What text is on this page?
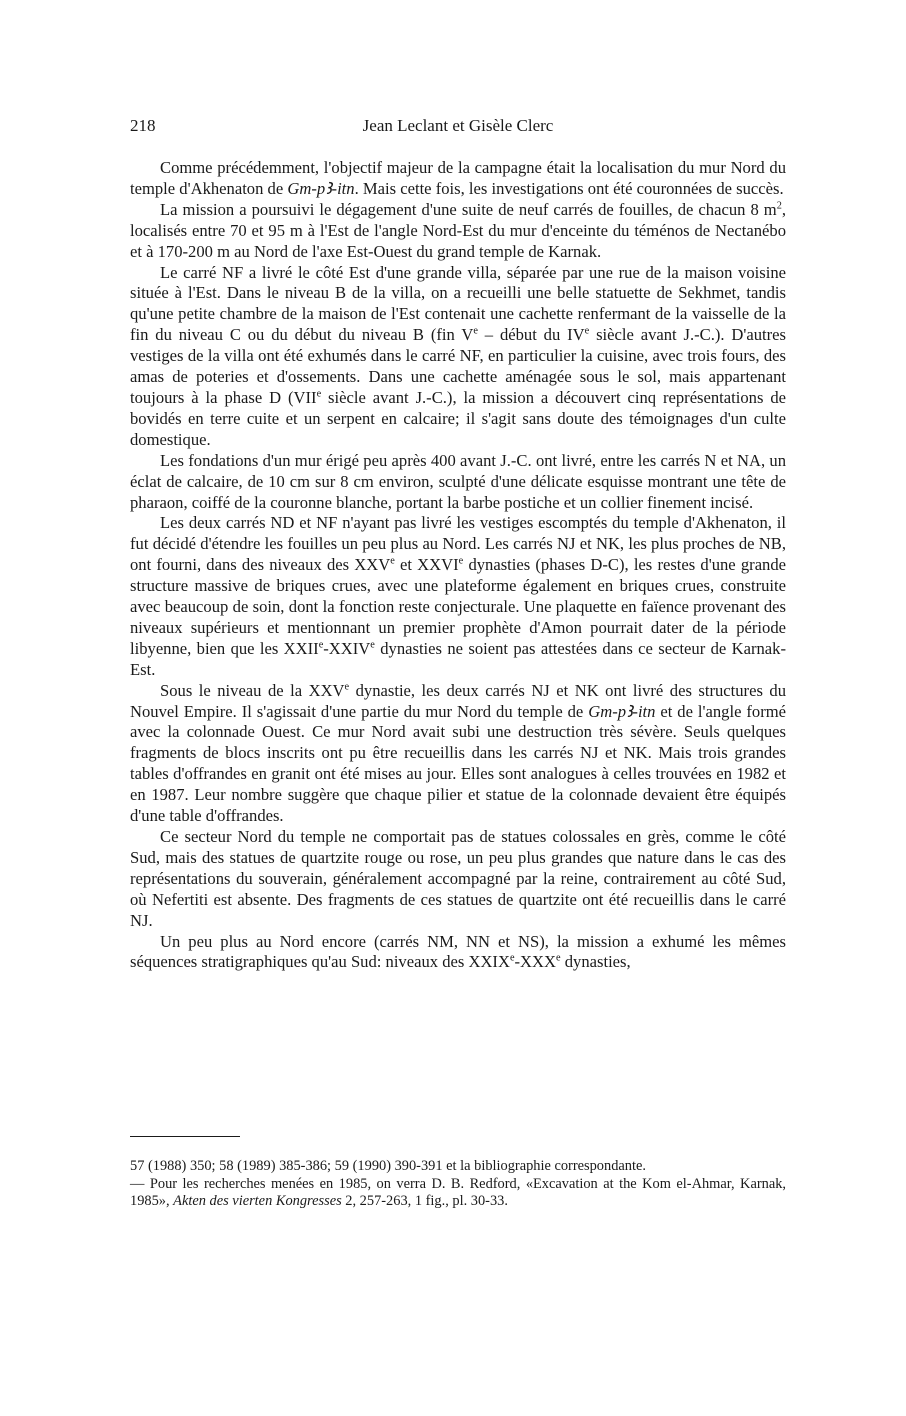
218	Jean Leclant et Gisèle Clerc

Comme précédemment, l'objectif majeur de la campagne était la localisation du mur Nord du temple d'Akhenaton de Gm-pꜢ-itn. Mais cette fois, les investigations ont été couronnées de succès.

La mission a poursuivi le dégagement d'une suite de neuf carrés de fouilles, de chacun 8 $m^2$, localisés entre 70 et 95 m à l'Est de l'angle Nord-Est du mur d'enceinte du téménos de Nectanébo et à 170-200 m au Nord de l'axe Est-Ouest du grand temple de Karnak.

Le carré NF a livré le côté Est d'une grande villa, séparée par une rue de la maison voisine située à l'Est. Dans le niveau B de la villa, on a recueilli une belle statuette de Sekhmet, tandis qu'une petite chambre de la maison de l'Est contenait une cachette renfermant de la vaisselle de la fin du niveau C ou du début du niveau B (fin Ve – début du IVe siècle avant J.-C.). D'autres vestiges de la villa ont été exhumés dans le carré NF, en particulier la cuisine, avec trois fours, des amas de poteries et d'ossements. Dans une cachette aménagée sous le sol, mais appartenant toujours à la phase D (VIIe siècle avant J.-C.), la mission a découvert cinq représentations de bovidés en terre cuite et un serpent en calcaire; il s'agit sans doute des témoignages d'un culte domestique.

Les fondations d'un mur érigé peu après 400 avant J.-C. ont livré, entre les carrés N et NA, un éclat de calcaire, de 10 cm sur 8 cm environ, sculpté d'une délicate esquisse montrant une tête de pharaon, coiffé de la couronne blanche, portant la barbe postiche et un collier finement incisé.

Les deux carrés ND et NF n'ayant pas livré les vestiges escomptés du temple d'Akhenaton, il fut décidé d'étendre les fouilles un peu plus au Nord. Les carrés NJ et NK, les plus proches de NB, ont fourni, dans des niveaux des XXVe et XXVIe dynasties (phases D-C), les restes d'une grande structure massive de briques crues, avec une plateforme également en briques crues, construite avec beaucoup de soin, dont la fonction reste conjecturale. Une plaquette en faïence provenant des niveaux supérieurs et mentionnant un premier prophète d'Amon pourrait dater de la période libyenne, bien que les XXIIe-XXIVe dynasties ne soient pas attestées dans ce secteur de Karnak-Est.

Sous le niveau de la XXVe dynastie, les deux carrés NJ et NK ont livré des structures du Nouvel Empire. Il s'agissait d'une partie du mur Nord du temple de Gm-pꜢ-itn et de l'angle formé avec la colonnade Ouest. Ce mur Nord avait subi une destruction très sévère. Seuls quelques fragments de blocs inscrits ont pu être recueillis dans les carrés NJ et NK. Mais trois grandes tables d'offrandes en granit ont été mises au jour. Elles sont analogues à celles trouvées en 1982 et en 1987. Leur nombre suggère que chaque pilier et statue de la colonnade devaient être équipés d'une table d'offrandes.

Ce secteur Nord du temple ne comportait pas de statues colossales en grès, comme le côté Sud, mais des statues de quartzite rouge ou rose, un peu plus grandes que nature dans le cas des représentations du souverain, généralement accompagné par la reine, contrairement au côté Sud, où Nefertiti est absente. Des fragments de ces statues de quartzite ont été recueillis dans le carré NJ.

Un peu plus au Nord encore (carrés NM, NN et NS), la mission a exhumé les mêmes séquences stratigraphiques qu'au Sud: niveaux des XXIXe-XXXe dynasties,

57 (1988) 350; 58 (1989) 385-386; 59 (1990) 390-391 et la bibliographie correspondante.

— Pour les recherches menées en 1985, on verra D. B. Redford, «Excavation at the Kom el-Ahmar, Karnak, 1985», Akten des vierten Kongresses 2, 257-263, 1 fig., pl. 30-33.
